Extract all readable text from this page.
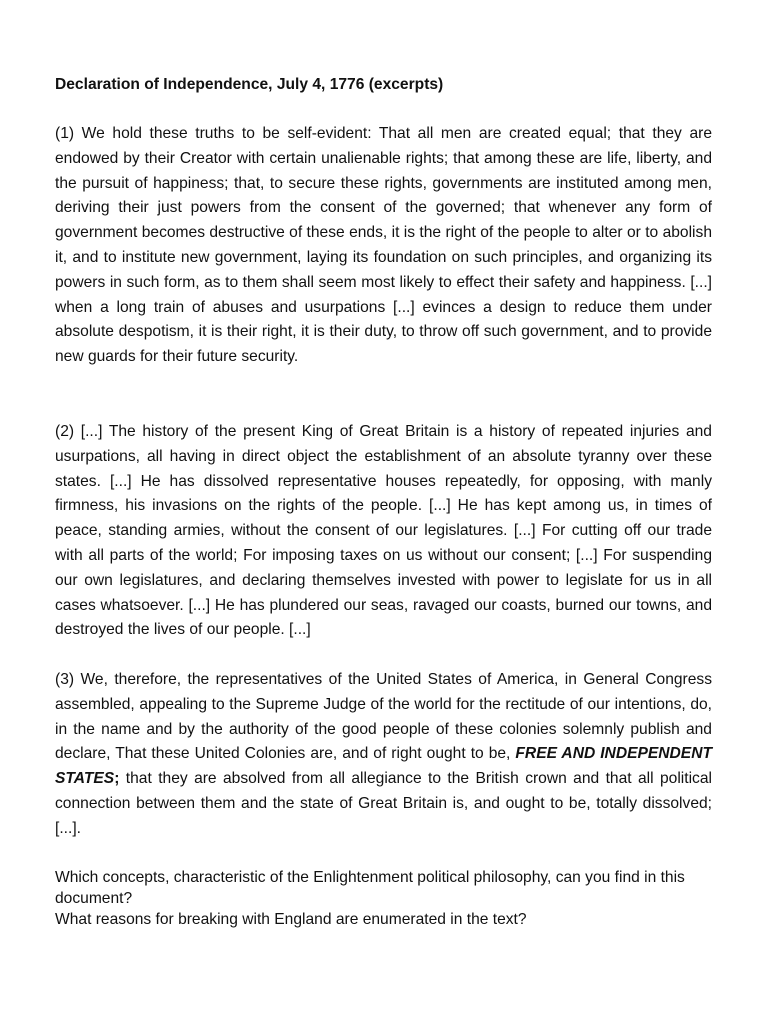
Declaration of Independence, July 4, 1776 (excerpts)

(1) We hold these truths to be self-evident: That all men are created equal; that they are endowed by their Creator with certain unalienable rights; that among these are life, liberty, and the pursuit of happiness; that, to secure these rights, governments are instituted among men, deriving their just powers from the consent of the governed; that whenever any form of government becomes destructive of these ends, it is the right of the people to alter or to abolish it, and to institute new government, laying its foundation on such principles, and organizing its powers in such form, as to them shall seem most likely to effect their safety and happiness. [...] when a long train of abuses and usurpations [...] evinces a design to reduce them under absolute despotism, it is their right, it is their duty, to throw off such government, and to provide new guards for their future security.

(2) [...] The history of the present King of Great Britain is a history of repeated injuries and usurpations, all having in direct object the establishment of an absolute tyranny over these states. [...] He has dissolved representative houses repeatedly, for opposing, with manly firmness, his invasions on the rights of the people. [...] He has kept among us, in times of peace, standing armies, without the consent of our legislatures. [...] For cutting off our trade with all parts of the world; For imposing taxes on us without our consent; [...] For suspending our own legislatures, and declaring themselves invested with power to legislate for us in all cases whatsoever. [...] He has plundered our seas, ravaged our coasts, burned our towns, and destroyed the lives of our people. [...]

(3) We, therefore, the representatives of the United States of America, in General Congress assembled, appealing to the Supreme Judge of the world for the rectitude of our intentions, do, in the name and by the authority of the good people of these colonies solemnly publish and declare, That these United Colonies are, and of right ought to be, FREE AND INDEPENDENT STATES; that they are absolved from all allegiance to the British crown and that all political connection between them and the state of Great Britain is, and ought to be, totally dissolved; [...].

Which concepts, characteristic of the Enlightenment political philosophy, can you find in this document?

What reasons for breaking with England are enumerated in the text?
